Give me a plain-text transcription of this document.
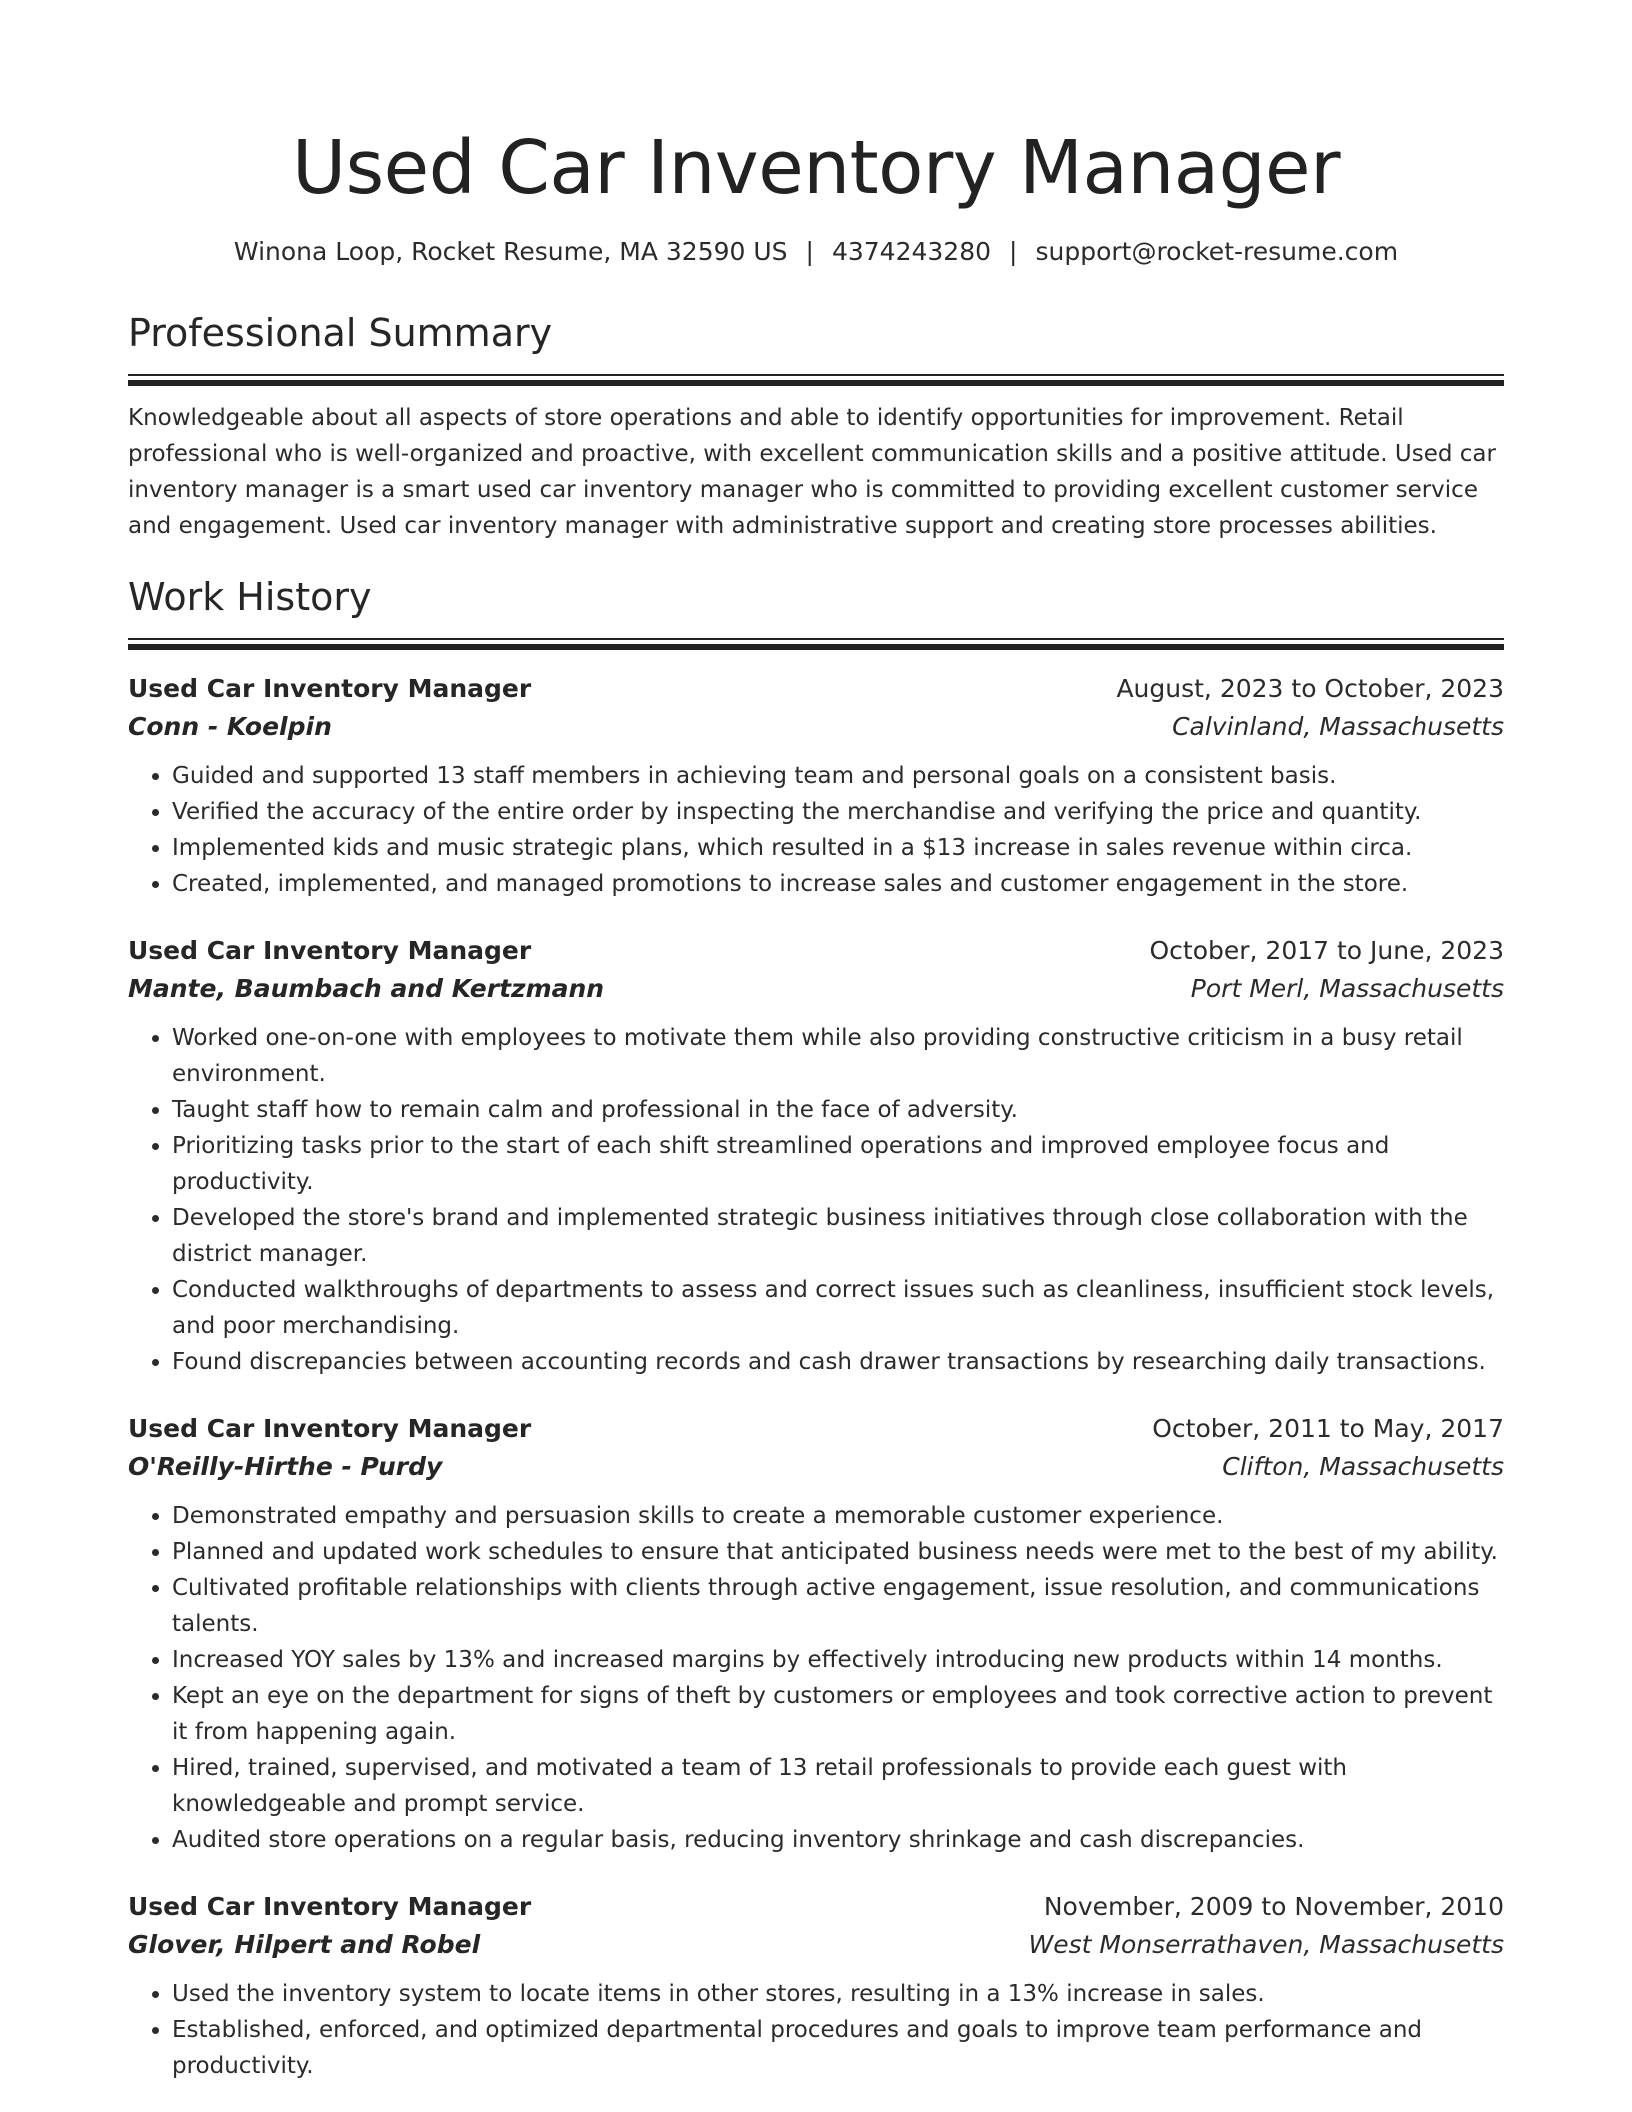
Used Car Inventory Manager
Winona Loop, Rocket Resume, MA 32590 US | 4374243280 | support@rocket-resume.com
Professional Summary

Knowledgeable about all aspects of store operations and able to identify opportunities for improvement. Retail professional who is well-organized and proactive, with excellent communication skills and a positive attitude. Used car inventory manager is a smart used car inventory manager who is committed to providing excellent customer service and engagement. Used car inventory manager with administrative support and creating store processes abilities.

Work History
Used Car Inventory Manager	August, 2023 to October, 2023
Conn - Koelpin	Calvinland, Massachusetts
• Guided and supported 13 staff members in achieving team and personal goals on a consistent basis.
• Verified the accuracy of the entire order by inspecting the merchandise and verifying the price and quantity.
• Implemented kids and music strategic plans, which resulted in a $13 increase in sales revenue within circa.
• Created, implemented, and managed promotions to increase sales and customer engagement in the store.
Used Car Inventory Manager	October, 2017 to June, 2023
Mante, Baumbach and Kertzmann	Port Merl, Massachusetts
• Worked one-on-one with employees to motivate them while also providing constructive criticism in a busy retail environment.
• Taught staff how to remain calm and professional in the face of adversity.
• Prioritizing tasks prior to the start of each shift streamlined operations and improved employee focus and productivity.
• Developed the store's brand and implemented strategic business initiatives through close collaboration with the district manager.
• Conducted walkthroughs of departments to assess and correct issues such as cleanliness, insufficient stock levels, and poor merchandising.
• Found discrepancies between accounting records and cash drawer transactions by researching daily transactions.
Used Car Inventory Manager	October, 2011 to May, 2017
O'Reilly-Hirthe - Purdy	Clifton, Massachusetts
• Demonstrated empathy and persuasion skills to create a memorable customer experience.
• Planned and updated work schedules to ensure that anticipated business needs were met to the best of my ability.
• Cultivated profitable relationships with clients through active engagement, issue resolution, and communications talents.
• Increased YOY sales by 13% and increased margins by effectively introducing new products within 14 months.
• Kept an eye on the department for signs of theft by customers or employees and took corrective action to prevent it from happening again.
• Hired, trained, supervised, and motivated a team of 13 retail professionals to provide each guest with knowledgeable and prompt service.
• Audited store operations on a regular basis, reducing inventory shrinkage and cash discrepancies.
Used Car Inventory Manager	November, 2009 to November, 2010
Glover, Hilpert and Robel	West Monserrathaven, Massachusetts
• Used the inventory system to locate items in other stores, resulting in a 13% increase in sales.
• Established, enforced, and optimized departmental procedures and goals to improve team performance and productivity.
